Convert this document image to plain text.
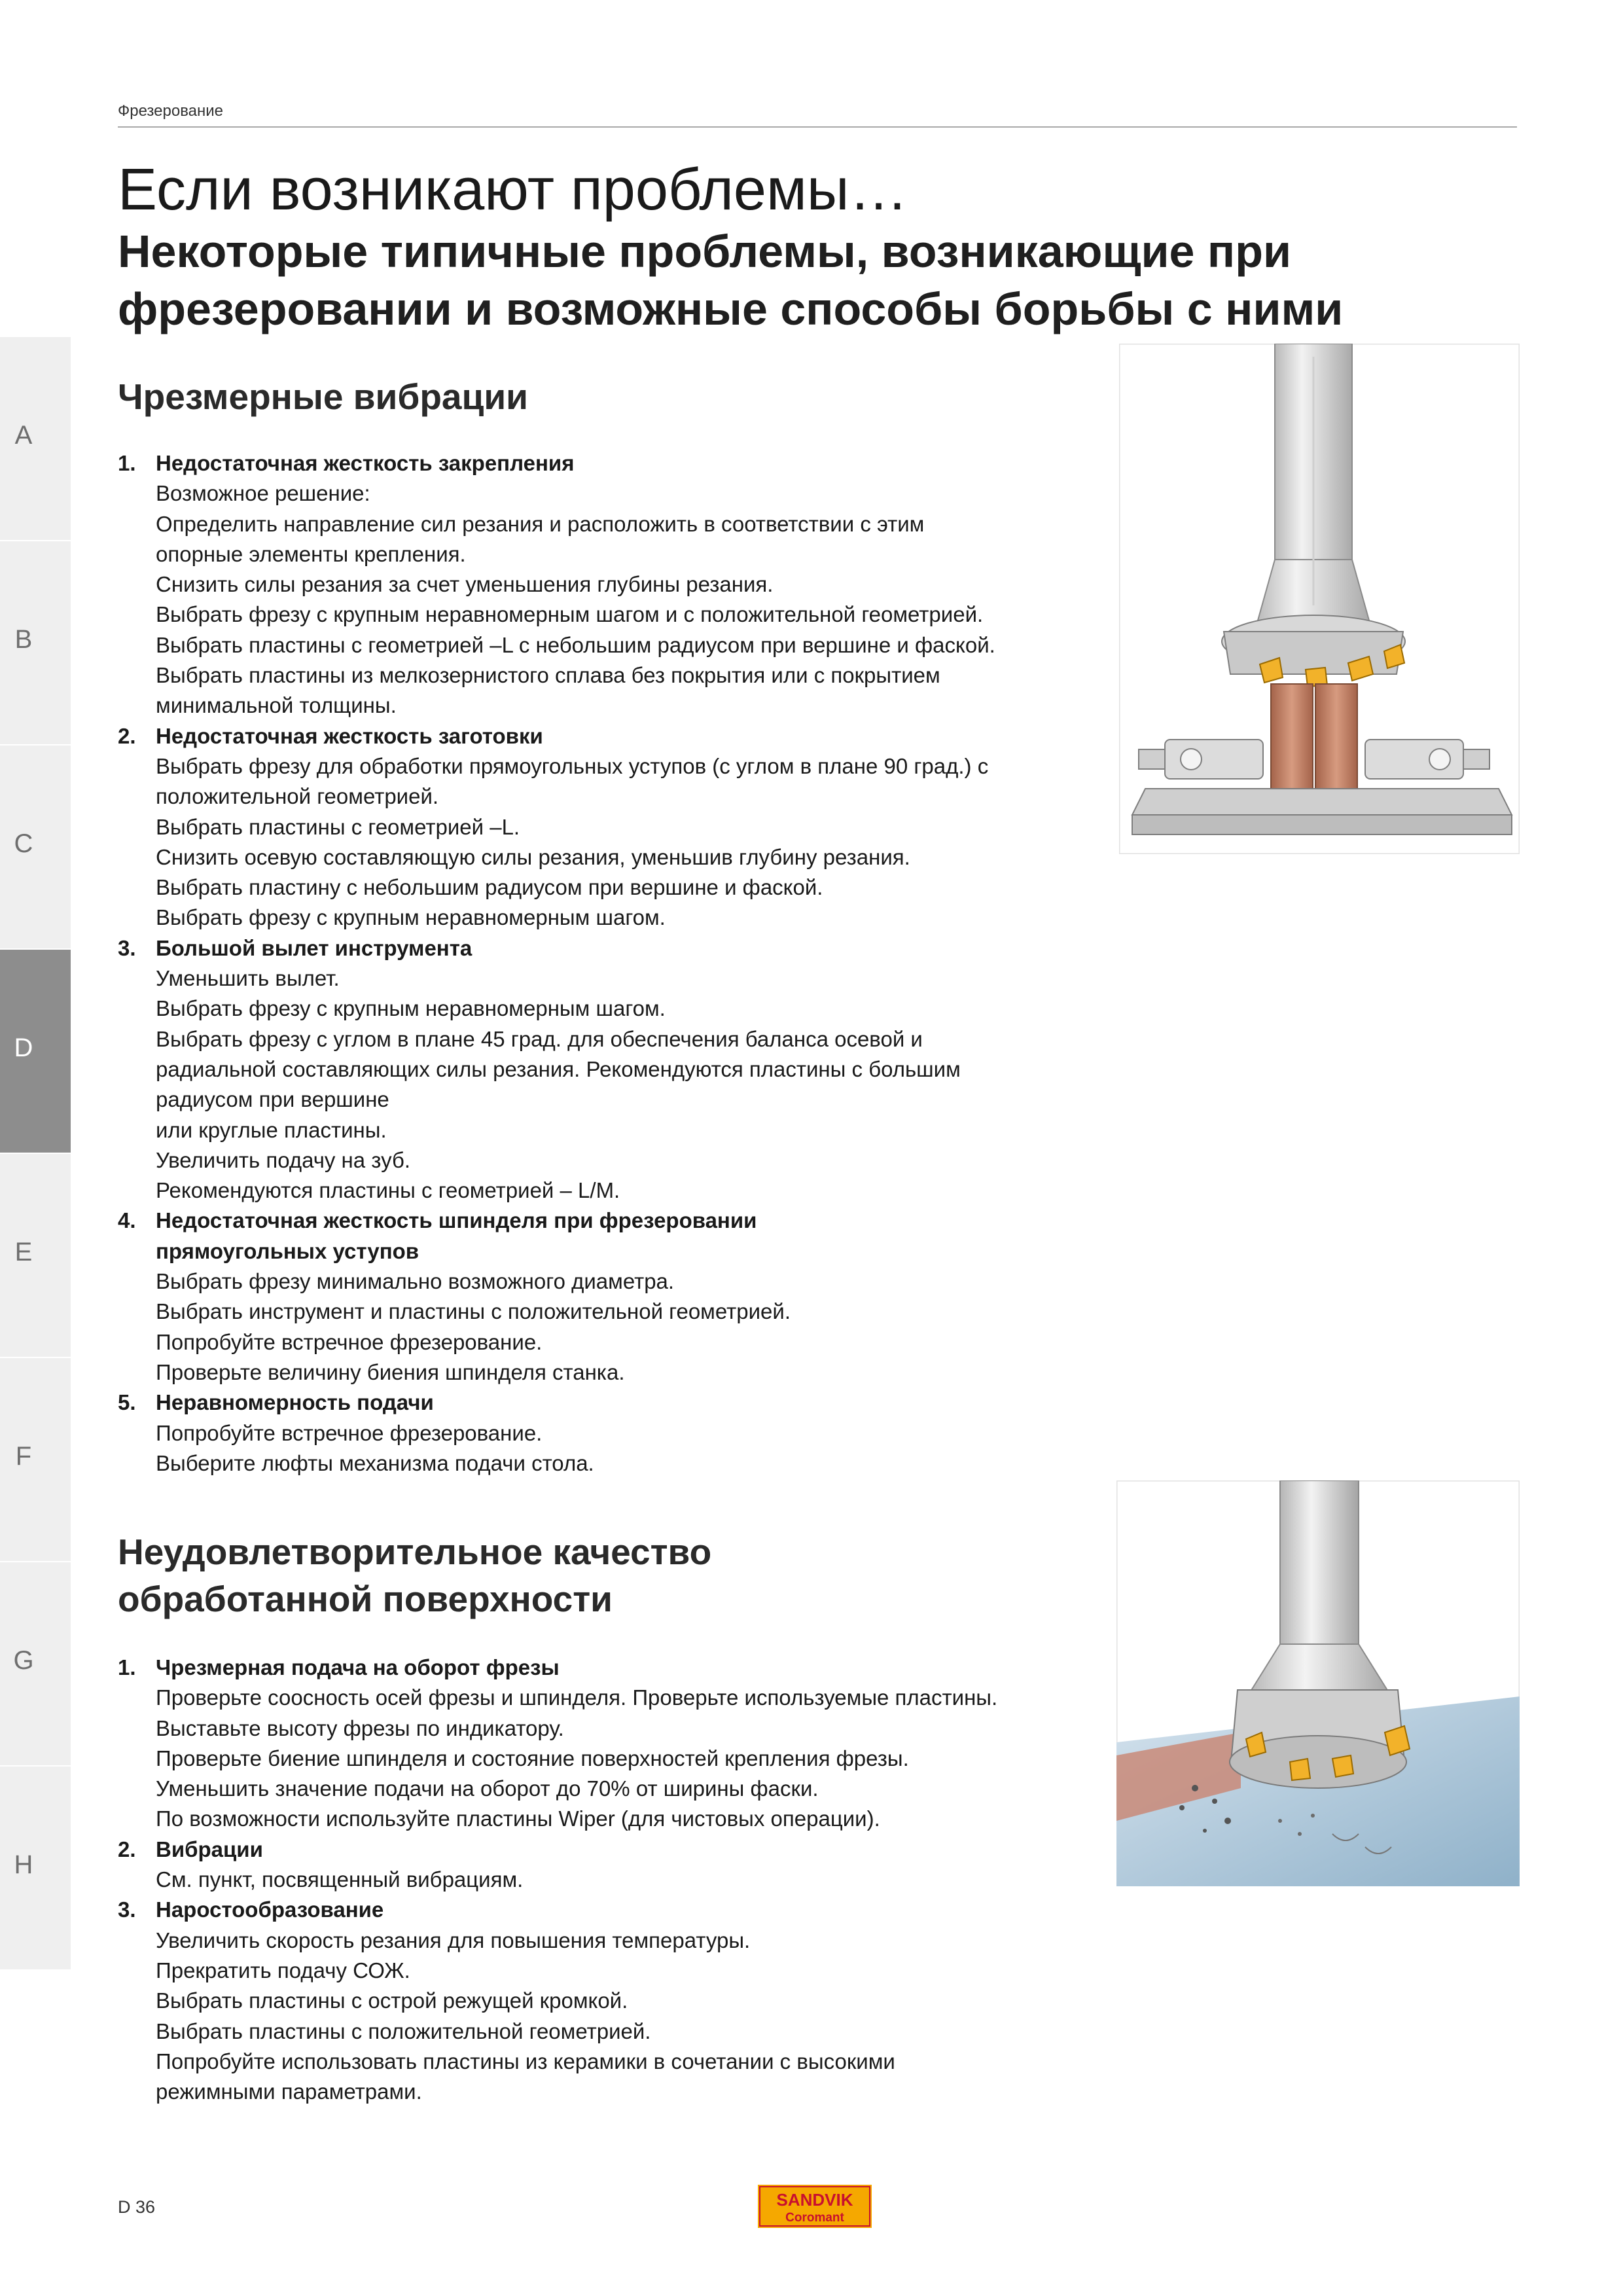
Фрезерование
Если возникают проблемы…
Некоторые типичные проблемы, возникающие при
фрезеровании и возможные способы борьбы с ними
A
B
C
D
E
F
G
H
Чрезмерные вибрации
1. Недостаточная жесткость закрепления
Возможное решение:
Определить направление сил резания и расположить в соответствии с этим
опорные элементы крепления.
Снизить силы резания за счет уменьшения глубины резания.
Выбрать фрезу с крупным неравномерным шагом и с положительной геометрией.
Выбрать пластины с геометрией –L с небольшим радиусом при вершине и фаской.
Выбрать пластины из мелкозернистого сплава без покрытия или с покрытием
минимальной толщины.
2. Недостаточная жесткость заготовки
Выбрать фрезу для обработки прямоугольных уступов (с углом в плане 90 град.) с
положительной геометрией.
Выбрать пластины с геометрией –L.
Снизить осевую составляющую силы резания, уменьшив глубину резания.
Выбрать пластину с небольшим радиусом при вершине и фаской.
Выбрать фрезу с крупным неравномерным шагом.
3. Большой вылет инструмента
Уменьшить вылет.
Выбрать фрезу с крупным неравномерным шагом.
Выбрать фрезу с углом в плане 45 град. для обеспечения баланса осевой и
радиальной составляющих силы резания. Рекомендуются пластины с большим
радиусом при вершине
или круглые пластины.
Увеличить подачу на зуб.
Рекомендуются пластины с геометрией – L/M.
4. Недостаточная жесткость шпинделя при фрезеровании
прямоугольных уступов
Выбрать фрезу минимально возможного диаметра.
Выбрать инструмент и пластины с положительной геометрией.
Попробуйте встречное фрезерование.
Проверьте величину биения шпинделя станка.
5. Неравномерность подачи
Попробуйте встречное фрезерование.
Выберите люфты механизма подачи стола.
Неудовлетворительное качество
обработанной поверхности
1. Чрезмерная подача на оборот фрезы
Проверьте соосность осей фрезы и шпинделя. Проверьте используемые пластины.
Выставьте высоту фрезы по индикатору.
Проверьте биение шпинделя и состояние поверхностей крепления фрезы.
Уменьшить значение подачи на оборот до 70% от ширины фаски.
По возможности используйте пластины Wiper (для чистовых операции).
2. Вибрации
См. пункт, посвященный вибрациям.
3. Наростообразование
Увеличить скорость резания для повышения температуры.
Прекратить подачу СОЖ.
Выбрать пластины с острой режущей кромкой.
Выбрать пластины с положительной геометрией.
Попробуйте использовать пластины из керамики в сочетании с высокими
режимными параметрами.
D 36	SANDVIK
Coromant
